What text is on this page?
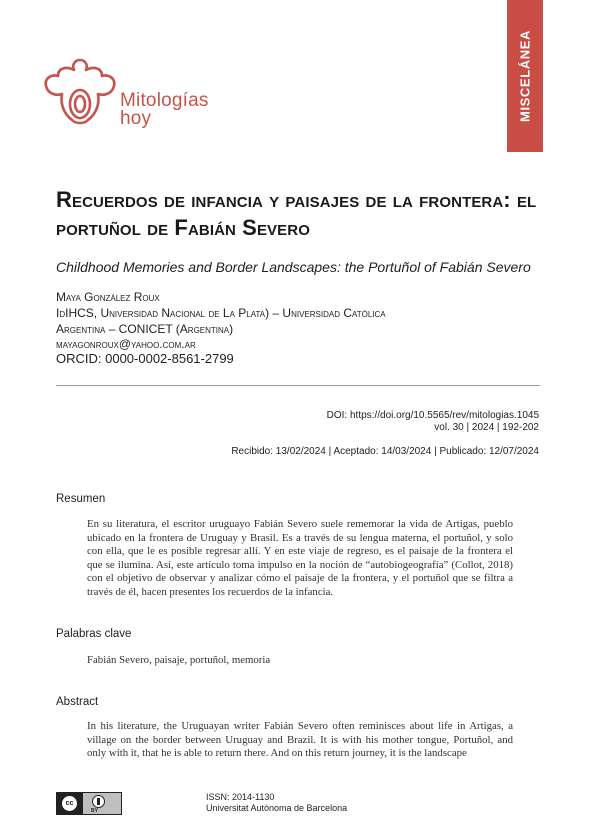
Mitologías
hoy	MISCELÁNEA
Recuerdos de infancia y paisajes de la frontera: el portuñol de Fabián Severo
Childhood Memories and Border Landscapes: the Portuñol of Fabián Severo
Maya González Roux
IdIHCS, Universidad Nacional de La Plata) – Universidad Católica
Argentina – CONICET (Argentina)
mayagonroux@yahoo.com.ar
ORCID: 0000-0002-8561-2799
DOI: https://doi.org/10.5565/rev/mitologias.1045
vol. 30 | 2024 | 192-202
Recibido: 13/02/2024 | Aceptado: 14/03/2024 | Publicado: 12/07/2024
Resumen
En su literatura, el escritor uruguayo Fabián Severo suele rememorar la vida de Artigas, pueblo ubicado en la frontera de Uruguay y Brasil. Es a través de su lengua materna, el portuñol, y solo con ella, que le es posible regresar allí. Y en este viaje de regreso, es el paisaje de la frontera el que se ilumina. Así, este artículo toma impulso en la noción de “autobiogeografía” (Collot, 2018) con el objetivo de observar y analizar cómo el paisaje de la frontera, y el portuñol que se filtra a través de él, hacen presentes los recuerdos de la infancia.
Palabras clave
Fabián Severo, paisaje, portuñol, memoria
Abstract
In his literature, the Uruguayan writer Fabián Severo often reminisces about life in Artigas, a village on the border between Uruguay and Brazil. It is with his mother tongue, Portuñol, and only with it, that he is able to return there. And on this return journey, it is the landscape
cc
BY
ISSN: 2014-1130
Universitat Autònoma de Barcelona
